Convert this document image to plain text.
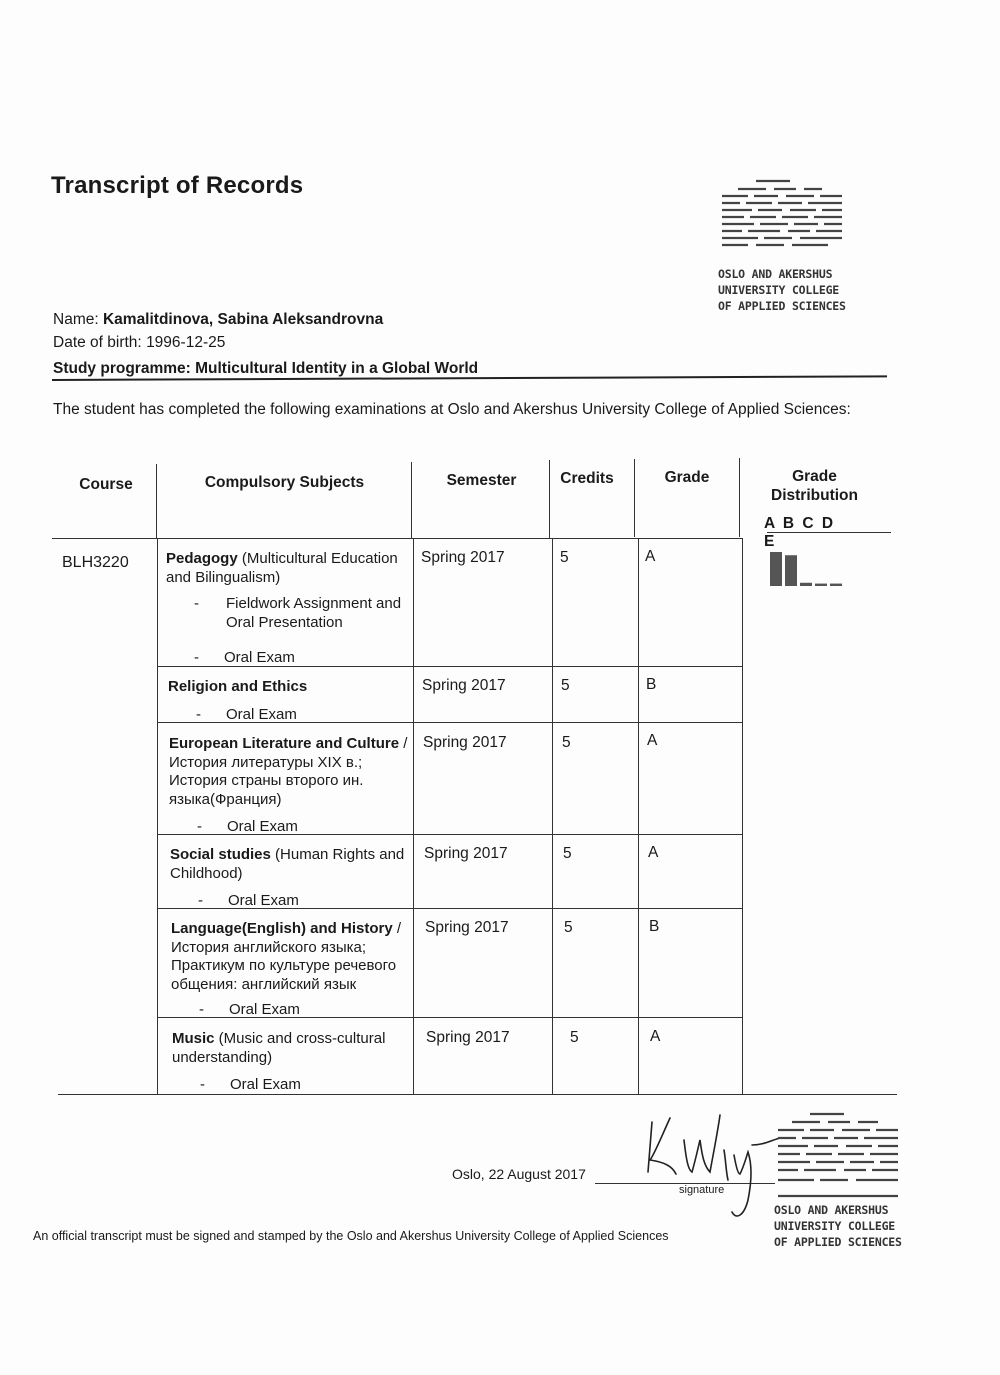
Transcript of Records
OSLO AND AKERSHUS
UNIVERSITY COLLEGE
OF APPLIED SCIENCES
Name: Kamalitdinova, Sabina Aleksandrovna
Date of birth: 1996-12-25
Study programme: Multicultural Identity in a Global World
The student has completed the following examinations at Oslo and Akershus University College of Applied Sciences:
Course	Compulsory Subjects	Semester	Credits	Grade	Grade Distribution
A B C D E
BLH3220 Pedagogy (Multicultural Education and Bilingualism)
-	Fieldwork Assignment and Oral Presentation
- Oral Exam
Spring 2017	5	A
Religion and Ethics
- Oral Exam
Spring 2017	5	B
European Literature and Culture / История литературы XIX в.; История страны второго ин. языка(Франция)
- Oral Exam
Spring 2017	5	A
Social studies (Human Rights and Childhood)
- Oral Exam
Spring 2017	5	A
Language(English) and History / История английского языка; Практикум по культуре речевого общения: английский язык
- Oral Exam
Spring 2017	5	B
Music (Music and cross-cultural understanding)
- Oral Exam
Spring 2017	5	A
Oslo, 22 August 2017
signature
OSLO AND AKERSHUS
UNIVERSITY COLLEGE
OF APPLIED SCIENCES
An official transcript must be signed and stamped by the Oslo and Akershus University College of Applied Sciences
